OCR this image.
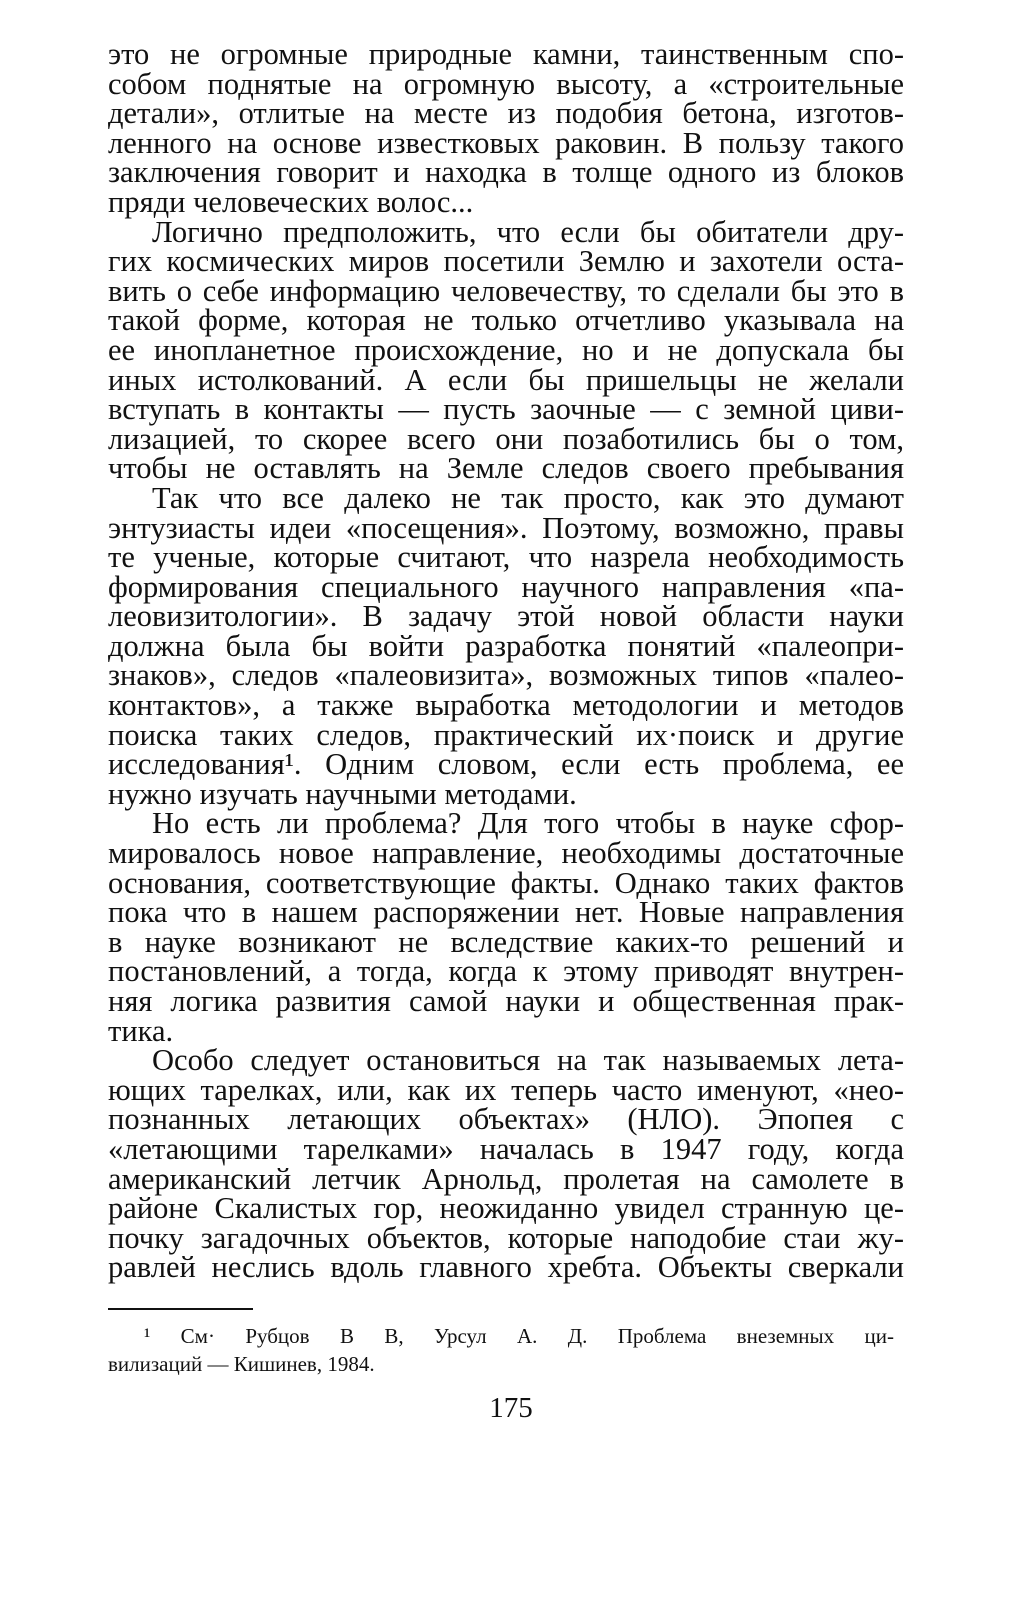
это не огромные природные камни, таинственным спо-
собом поднятые на огромную высоту, а «строительные
детали», отлитые на месте из подобия бетона, изготов-
ленного на основе известковых раковин. В пользу такого
заключения говорит и находка в толще одного из блоков
пряди человеческих волос...
Логично предположить, что если бы обитатели дру-
гих космических миров посетили Землю и захотели оста-
вить о себе информацию человечеству, то сделали бы это в
такой форме, которая не только отчетливо указывала на
ее инопланетное происхождение, но и не допускала бы
иных истолкований. А если бы пришельцы не желали
вступать в контакты — пусть заочные — с земной циви-
лизацией, то скорее всего они позаботились бы о том,
чтобы не оставлять на Земле следов своего пребывания
Так что все далеко не так просто, как это думают
энтузиасты идеи «посещения». Поэтому, возможно, правы
те ученые, которые считают, что назрела необходимость
формирования специального научного направления «па-
леовизитологии». В задачу этой новой области науки
должна была бы войти разработка понятий «палеопри-
знаков», следов «палеовизита», возможных типов «палео-
контактов», а также выработка методологии и методов
поиска таких следов, практический их·поиск и другие
исследования¹. Одним словом, если есть проблема, ее
нужно изучать научными методами.
Но есть ли проблема? Для того чтобы в науке сфор-
мировалось новое направление, необходимы достаточные
основания, соответствующие факты. Однако таких фактов
пока что в нашем распоряжении нет. Новые направления
в науке возникают не вследствие каких-то решений и
постановлений, а тогда, когда к этому приводят внутрен-
няя логика развития самой науки и общественная прак-
тика.
Особо следует остановиться на так называемых лета-
ющих тарелках, или, как их теперь часто именуют, «нео-
познанных летающих объектах» (НЛО). Эпопея с
«летающими тарелками» началась в 1947 году, когда
американский летчик Арнольд, пролетая на самолете в
районе Скалистых гор, неожиданно увидел странную це-
почку загадочных объектов, которые наподобие стаи жу-
равлей неслись вдоль главного хребта. Объекты сверкали
¹ См· Рубцов В В, Урсул А. Д. Проблема внеземных ци-
вилизаций — Кишинев, 1984.
175
